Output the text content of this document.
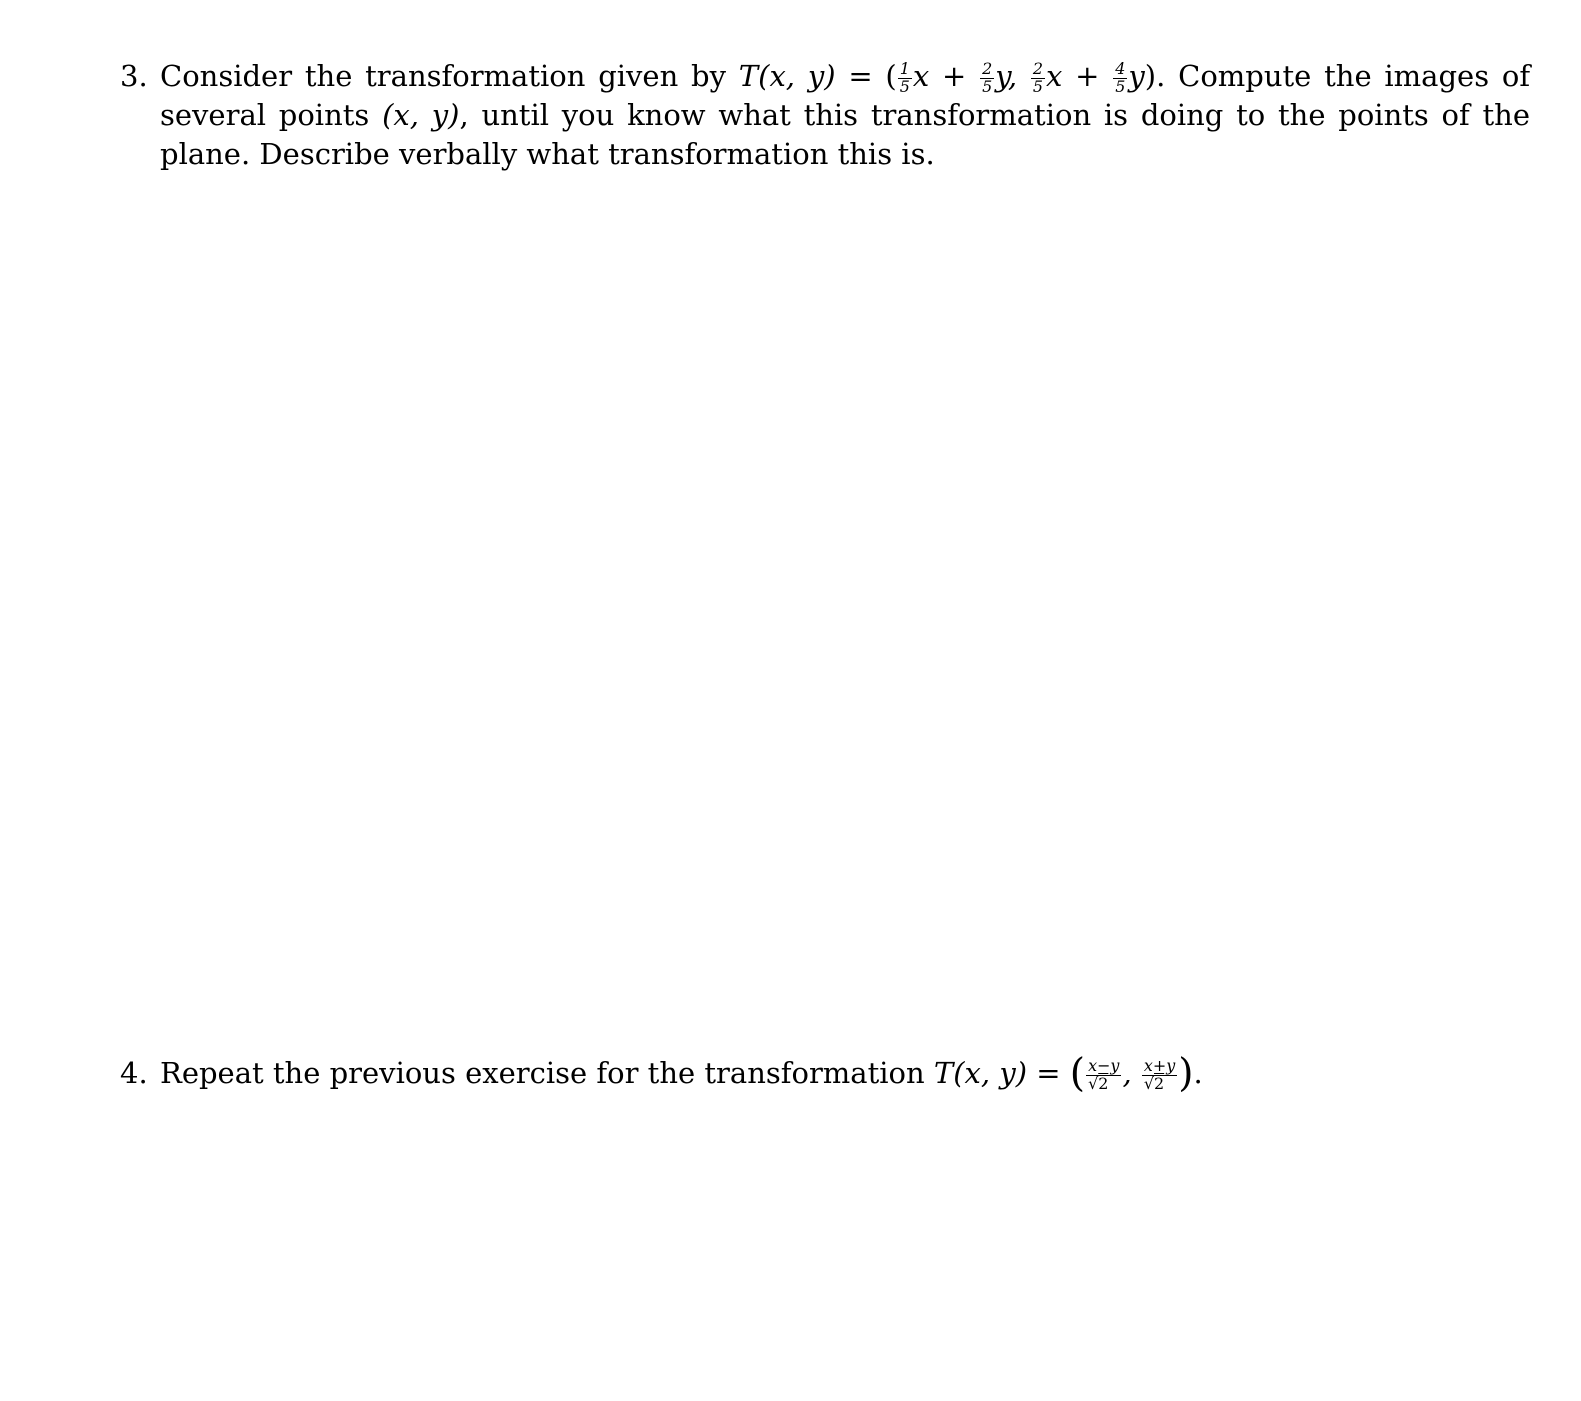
3. Consider the transformation given by T(x, y) = ( $\frac{1}{5}$ $x + \frac{2}{5} y$, $\frac{2}{5}$ $x + \frac{4}{5} y$). Compute the images of several points (x, y), until you know what this transformation is doing to the points of the plane. Describe verbally what transformation this is.
4. Repeat the previous exercise for the transformation T(x, y) = ( $\frac{x-y}{√2}$ , $\frac{x+y}{√2}$ ).
